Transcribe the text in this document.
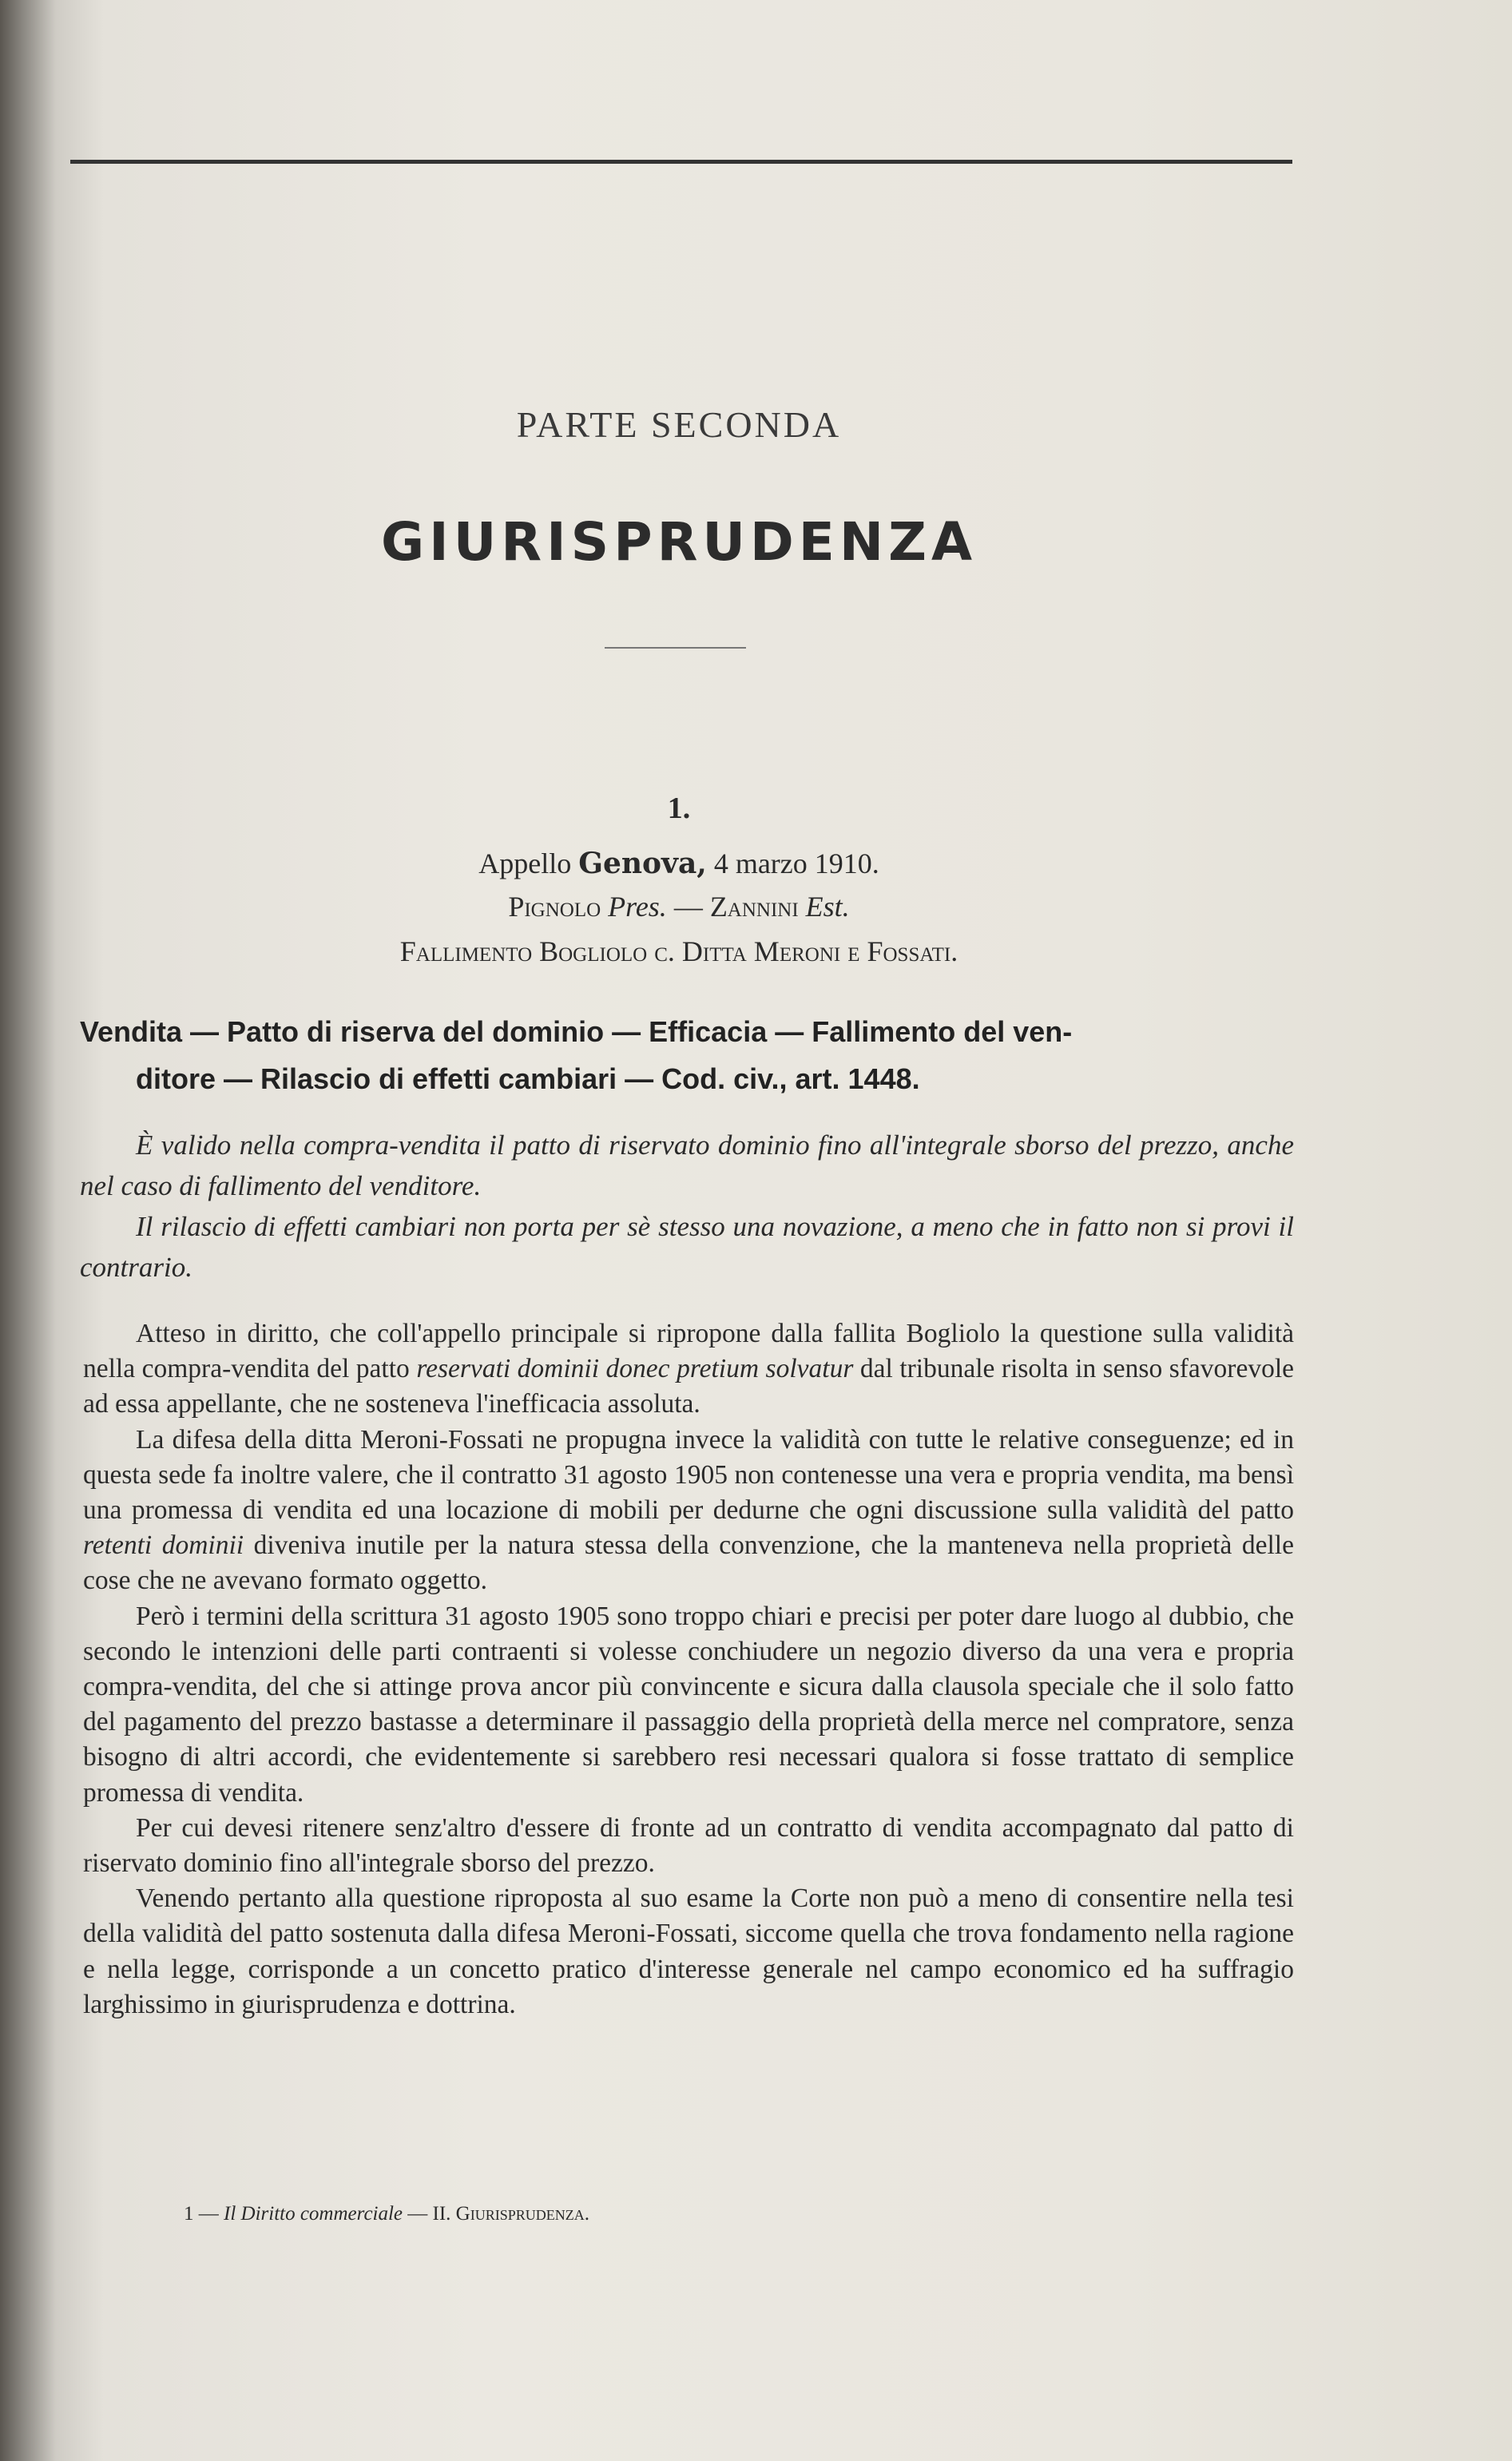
PARTE SECONDA
GIURISPRUDENZA
1.
Appello Genova, 4 marzo 1910.
Pignolo Pres. — Zannini Est.
Fallimento Bogliolo c. Ditta Meroni e Fossati.
Vendita — Patto di riserva del dominio — Efficacia — Fallimento del ven-
ditore — Rilascio di effetti cambiari — Cod. civ., art. 1448.

È valido nella compra-vendita il patto di riservato dominio fino all'integrale sborso del prezzo, anche nel caso di fallimento del venditore.

Il rilascio di effetti cambiari non porta per sè stesso una novazione, a meno che in fatto non si provi il contrario.

Atteso in diritto, che coll'appello principale si ripropone dalla fallita Bogliolo la questione sulla validità nella compra-vendita del patto reservati dominii donec pretium solvatur dal tribunale risolta in senso sfavorevole ad essa appellante, che ne sosteneva l'inefficacia assoluta.

La difesa della ditta Meroni-Fossati ne propugna invece la validità con tutte le relative conseguenze; ed in questa sede fa inoltre valere, che il contratto 31 agosto 1905 non contenesse una vera e propria vendita, ma bensì una promessa di vendita ed una locazione di mobili per dedurne che ogni discussione sulla validità del patto retenti dominii diveniva inutile per la natura stessa della convenzione, che la manteneva nella proprietà delle cose che ne avevano formato oggetto.

Però i termini della scrittura 31 agosto 1905 sono troppo chiari e precisi per poter dare luogo al dubbio, che secondo le intenzioni delle parti contraenti si volesse conchiudere un negozio diverso da una vera e propria compra-vendita, del che si attinge prova ancor più convincente e sicura dalla clausola speciale che il solo fatto del pagamento del prezzo bastasse a determinare il passaggio della proprietà della merce nel compratore, senza bisogno di altri accordi, che evidentemente si sarebbero resi necessari qualora si fosse trattato di semplice promessa di vendita.

Per cui devesi ritenere senz'altro d'essere di fronte ad un contratto di vendita accompagnato dal patto di riservato dominio fino all'integrale sborso del prezzo.

Venendo pertanto alla questione riproposta al suo esame la Corte non può a meno di consentire nella tesi della validità del patto sostenuta dalla difesa Meroni-Fossati, siccome quella che trova fondamento nella ragione e nella legge, corrisponde a un concetto pratico d'interesse generale nel campo economico ed ha suffragio larghissimo in giurisprudenza e dottrina.

1 — Il Diritto commerciale — II. Giurisprudenza.
